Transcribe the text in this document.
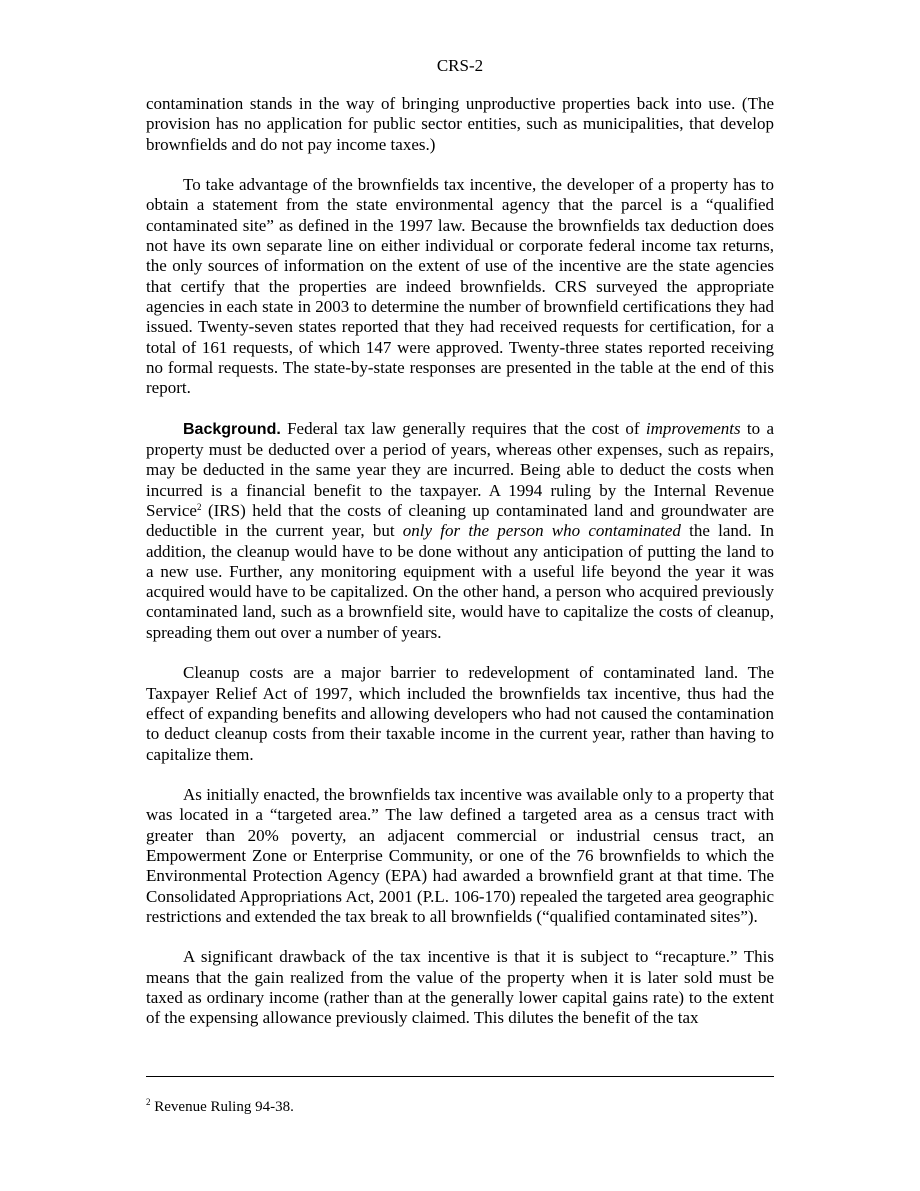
CRS-2

contamination stands in the way of bringing unproductive properties back into use. (The provision has no application for public sector entities, such as municipalities, that develop brownfields and do not pay income taxes.)

To take advantage of the brownfields tax incentive, the developer of a property has to obtain a statement from the state environmental agency that the parcel is a “qualified contaminated site” as defined in the 1997 law. Because the brownfields tax deduction does not have its own separate line on either individual or corporate federal income tax returns, the only sources of information on the extent of use of the incentive are the state agencies that certify that the properties are indeed brownfields. CRS surveyed the appropriate agencies in each state in 2003 to determine the number of brownfield certifications they had issued. Twenty-seven states reported that they had received requests for certification, for a total of 161 requests, of which 147 were approved. Twenty-three states reported receiving no formal requests. The state-by-state responses are presented in the table at the end of this report.

Background. Federal tax law generally requires that the cost of improvements to a property must be deducted over a period of years, whereas other expenses, such as repairs, may be deducted in the same year they are incurred. Being able to deduct the costs when incurred is a financial benefit to the taxpayer. A 1994 ruling by the Internal Revenue Service$^2$ (IRS) held that the costs of cleaning up contaminated land and groundwater are deductible in the current year, but only for the person who contaminated the land. In addition, the cleanup would have to be done without any anticipation of putting the land to a new use. Further, any monitoring equipment with a useful life beyond the year it was acquired would have to be capitalized. On the other hand, a person who acquired previously contaminated land, such as a brownfield site, would have to capitalize the costs of cleanup, spreading them out over a number of years.

Cleanup costs are a major barrier to redevelopment of contaminated land. The Taxpayer Relief Act of 1997, which included the brownfields tax incentive, thus had the effect of expanding benefits and allowing developers who had not caused the contamination to deduct cleanup costs from their taxable income in the current year, rather than having to capitalize them.

As initially enacted, the brownfields tax incentive was available only to a property that was located in a “targeted area.” The law defined a targeted area as a census tract with greater than 20% poverty, an adjacent commercial or industrial census tract, an Empowerment Zone or Enterprise Community, or one of the 76 brownfields to which the Environmental Protection Agency (EPA) had awarded a brownfield grant at that time. The Consolidated Appropriations Act, 2001 (P.L. 106-170) repealed the targeted area geographic restrictions and extended the tax break to all brownfields (“qualified contaminated sites”).

A significant drawback of the tax incentive is that it is subject to “recapture.” This means that the gain realized from the value of the property when it is later sold must be taxed as ordinary income (rather than at the generally lower capital gains rate) to the extent of the expensing allowance previously claimed. This dilutes the benefit of the tax

$^2$ Revenue Ruling 94-38.
